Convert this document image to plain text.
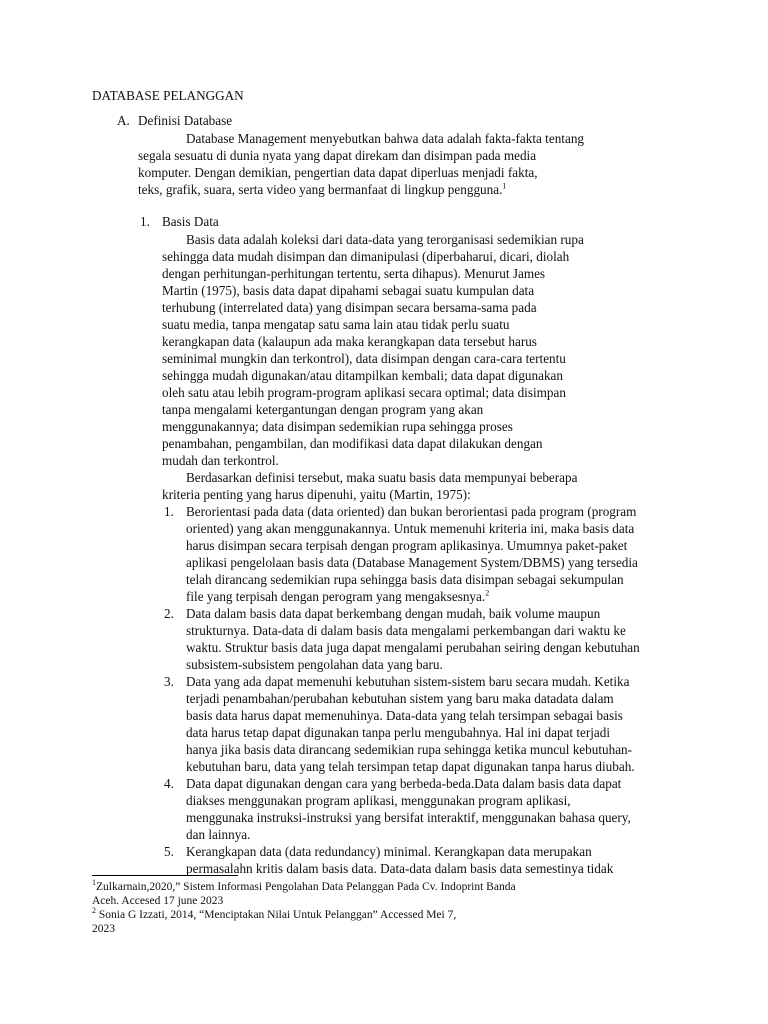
DATABASE PELANGGAN

A. Definisi Database

Database Management menyebutkan bahwa data adalah fakta-fakta tentang

segala sesuatu di dunia nyata yang dapat direkam dan disimpan pada media

komputer. Dengan demikian, pengertian data dapat diperluas menjadi fakta,

teks, grafik, suara, serta video yang bermanfaat di lingkup pengguna.$^1$

1. Basis Data

Basis data adalah koleksi dari data-data yang terorganisasi sedemikian rupa

sehingga data mudah disimpan dan dimanipulasi (diperbaharui, dicari, diolah

dengan perhitungan-perhitungan tertentu, serta dihapus). Menurut James

Martin (1975), basis data dapat dipahami sebagai suatu kumpulan data

terhubung (interrelated data) yang disimpan secara bersama-sama pada

suatu media, tanpa mengatap satu sama lain atau tidak perlu suatu

kerangkapan data (kalaupun ada maka kerangkapan data tersebut harus

seminimal mungkin dan terkontrol), data disimpan dengan cara-cara tertentu

sehingga mudah digunakan/atau ditampilkan kembali; data dapat digunakan

oleh satu atau lebih program-program aplikasi secara optimal; data disimpan

tanpa mengalami ketergantungan dengan program yang akan

menggunakannya; data disimpan sedemikian rupa sehingga proses

penambahan, pengambilan, dan modifikasi data dapat dilakukan dengan

mudah dan terkontrol.

Berdasarkan definisi tersebut, maka suatu basis data mempunyai beberapa

kriteria penting yang harus dipenuhi, yaitu (Martin, 1975):

1. Berorientasi pada data (data oriented) dan bukan berorientasi pada program (program

oriented) yang akan menggunakannya. Untuk memenuhi kriteria ini, maka basis data

harus disimpan secara terpisah dengan program aplikasinya. Umumnya paket-paket

aplikasi pengelolaan basis data (Database Management System/DBMS) yang tersedia

telah dirancang sedemikian rupa sehingga basis data disimpan sebagai sekumpulan

file yang terpisah dengan perogram yang mengaksesnya.$^2$

2. Data dalam basis data dapat berkembang dengan mudah, baik volume maupun

strukturnya. Data-data di dalam basis data mengalami perkembangan dari waktu ke

waktu. Struktur basis data juga dapat mengalami perubahan seiring dengan kebutuhan

subsistem-subsistem pengolahan data yang baru.

3. Data yang ada dapat memenuhi kebutuhan sistem-sistem baru secara mudah. Ketika

terjadi penambahan/perubahan kebutuhan sistem yang baru maka datadata dalam

basis data harus dapat memenuhinya. Data-data yang telah tersimpan sebagai basis

data harus tetap dapat digunakan tanpa perlu mengubahnya. Hal ini dapat terjadi

hanya jika basis data dirancang sedemikian rupa sehingga ketika muncul kebutuhan-

kebutuhan baru, data yang telah tersimpan tetap dapat digunakan tanpa harus diubah.

4. Data dapat digunakan dengan cara yang berbeda-beda.Data dalam basis data dapat

diakses menggunakan program aplikasi, menggunakan program aplikasi,

menggunaka instruksi-instruksi yang bersifat interaktif, menggunakan bahasa query,

dan lainnya.

5. Kerangkapan data (data redundancy) minimal. Kerangkapan data merupakan

permasalahn kritis dalam basis data. Data-data dalam basis data semestinya tidak

$^1$Zulkarnain,2020,” Sistem Informasi Pengolahan Data Pelanggan Pada Cv. Indoprint Banda

Aceh. Accesed 17 june 2023

$^2$ Sonia G Izzati, 2014, “Menciptakan Nilai Untuk Pelanggan” Accessed Mei 7,

2023
